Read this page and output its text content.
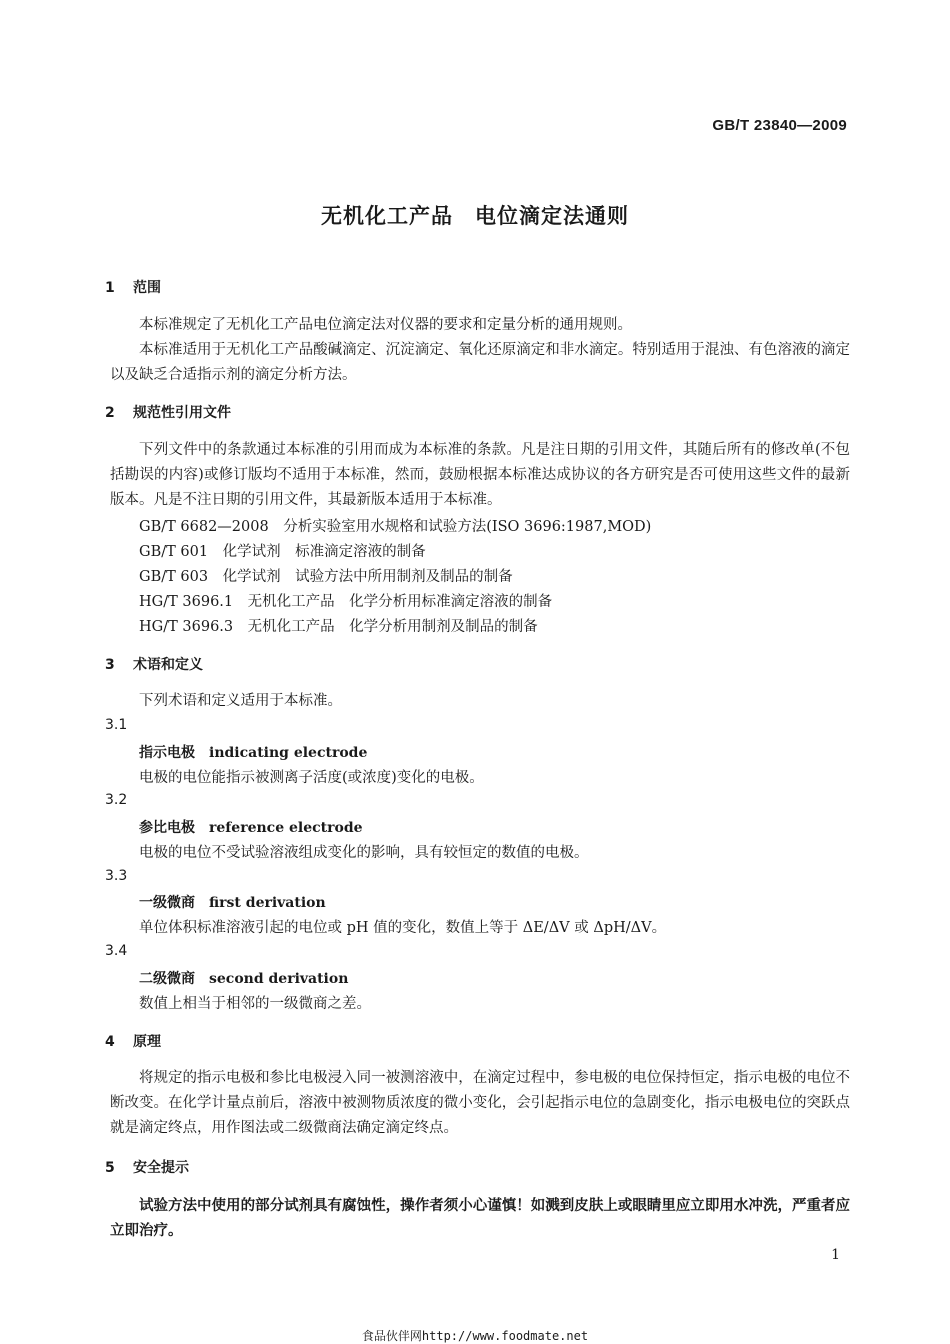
GB/T 23840—2009
无机化工产品　电位滴定法通则
1 范围
本标准规定了无机化工产品电位滴定法对仪器的要求和定量分析的通用规则。
本标准适用于无机化工产品酸碱滴定、沉淀滴定、氧化还原滴定和非水滴定。特别适用于混浊、有色溶液的滴定以及缺乏合适指示剂的滴定分析方法。
2 规范性引用文件
下列文件中的条款通过本标准的引用而成为本标准的条款。凡是注日期的引用文件，其随后所有的修改单(不包括勘误的内容)或修订版均不适用于本标准，然而，鼓励根据本标准达成协议的各方研究是否可使用这些文件的最新版本。凡是不注日期的引用文件，其最新版本适用于本标准。
GB/T 6682—2008　分析实验室用水规格和试验方法(ISO 3696:1987,MOD)
GB/T 601　化学试剂　标准滴定溶液的制备
GB/T 603　化学试剂　试验方法中所用制剂及制品的制备
HG/T 3696.1　无机化工产品　化学分析用标准滴定溶液的制备
HG/T 3696.3　无机化工产品　化学分析用制剂及制品的制备
3 术语和定义
下列术语和定义适用于本标准。
3.1
指示电极 indicating electrode
电极的电位能指示被测离子活度(或浓度)变化的电极。
3.2
参比电极 reference electrode
电极的电位不受试验溶液组成变化的影响，具有较恒定的数值的电极。
3.3
一级微商 first derivation
单位体积标准溶液引起的电位或 pH 值的变化，数值上等于 ΔE/ΔV 或 ΔpH/ΔV。
3.4
二级微商 second derivation
数值上相当于相邻的一级微商之差。
4 原理
将规定的指示电极和参比电极浸入同一被测溶液中，在滴定过程中，参电极的电位保持恒定，指示电极的电位不断改变。在化学计量点前后，溶液中被测物质浓度的微小变化，会引起指示电位的急剧变化，指示电极电位的突跃点就是滴定终点，用作图法或二级微商法确定滴定终点。
5 安全提示
试验方法中使用的部分试剂具有腐蚀性，操作者须小心谨慎！如溅到皮肤上或眼睛里应立即用水冲洗，严重者应立即治疗。
1
食品伙伴网http://www.foodmate.net
